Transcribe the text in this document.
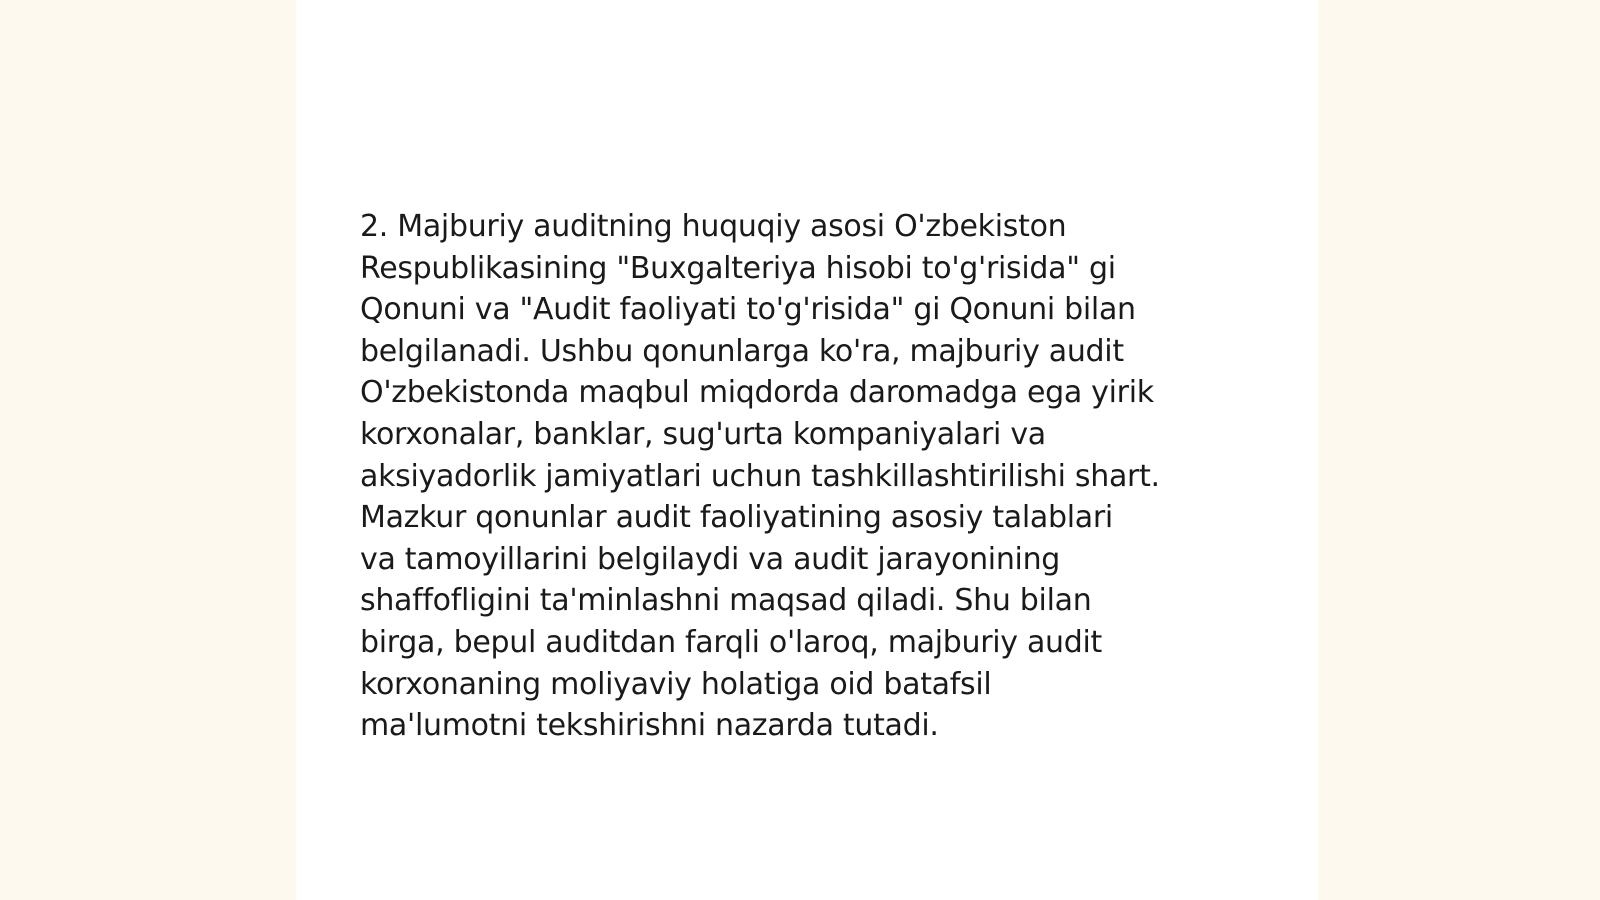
2. Majburiy auditning huquqiy asosi O'zbekiston
Respublikasining "Buxgalteriya hisobi to'g'risida" gi
Qonuni va "Audit faoliyati to'g'risida" gi Qonuni bilan
belgilanadi. Ushbu qonunlarga ko'ra, majburiy audit
O'zbekistonda maqbul miqdorda daromadga ega yirik
korxonalar, banklar, sug'urta kompaniyalari va
aksiyadorlik jamiyatlari uchun tashkillashtirilishi shart.
Mazkur qonunlar audit faoliyatining asosiy talablari
va tamoyillarini belgilaydi va audit jarayonining
shaffofligini ta'minlashni maqsad qiladi. Shu bilan
birga, bepul auditdan farqli o'laroq, majburiy audit
korxonaning moliyaviy holatiga oid batafsil
ma'lumotni tekshirishni nazarda tutadi.
